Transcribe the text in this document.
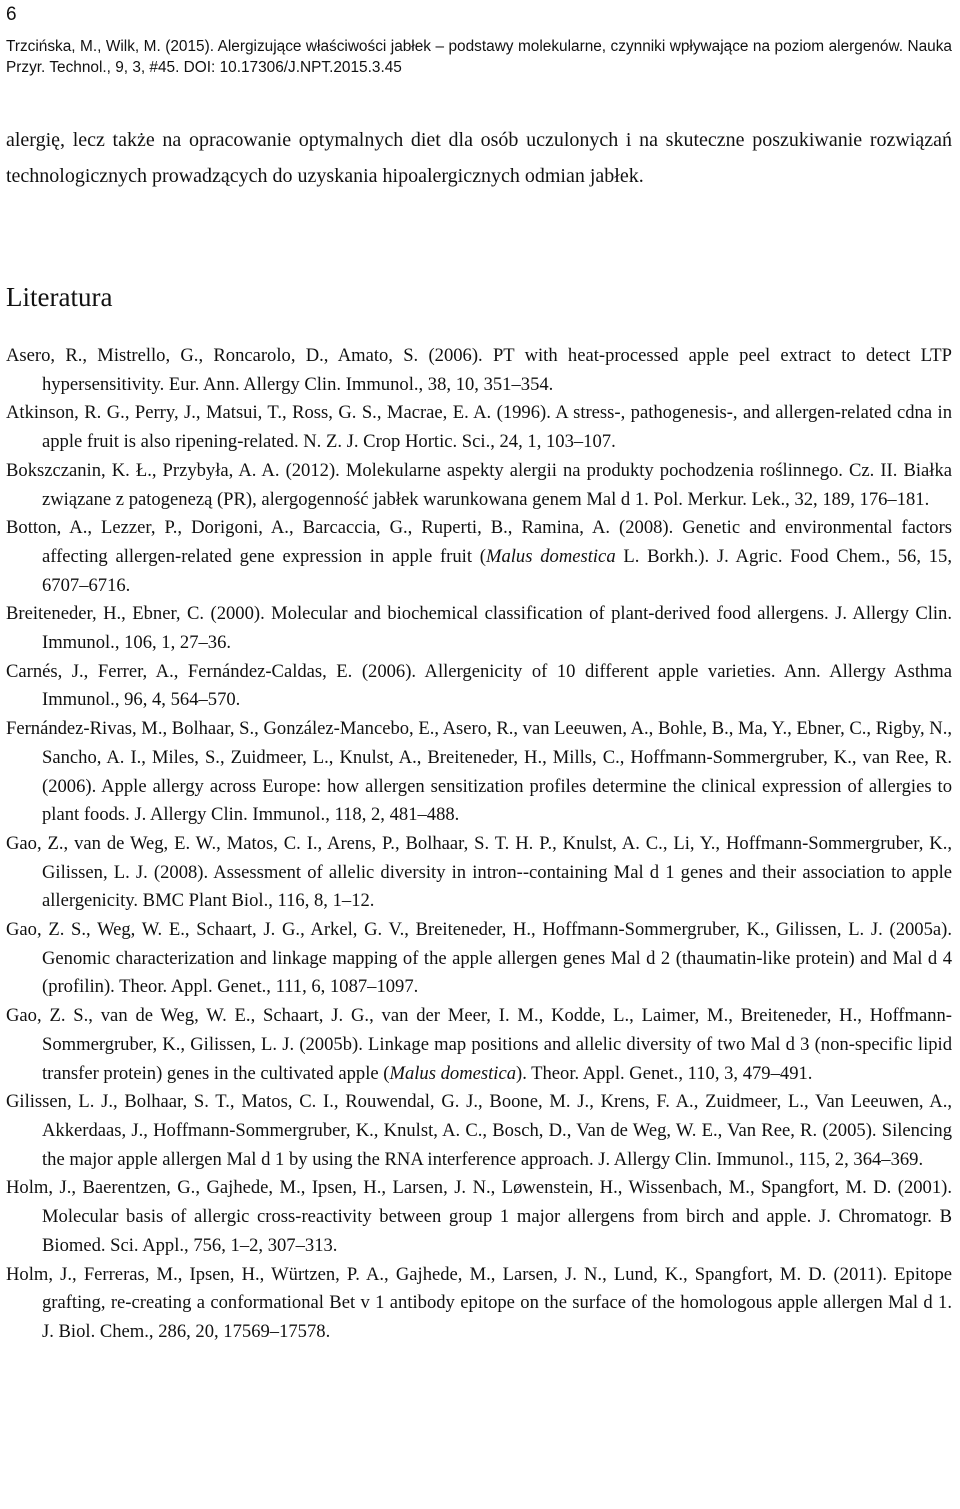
6
Trzcińska, M., Wilk, M. (2015). Alergizujące właściwości jabłek – podstawy molekularne, czynniki wpływające na poziom alergenów. Nauka Przyr. Technol., 9, 3, #45. DOI: 10.17306/J.NPT.2015.3.45

alergię, lecz także na opracowanie optymalnych diet dla osób uczulonych i na skuteczne poszukiwanie rozwiązań technologicznych prowadzących do uzyskania hipoalergicznych odmian jabłek.

Literatura

Asero, R., Mistrello, G., Roncarolo, D., Amato, S. (2006). PT with heat-processed apple peel extract to detect LTP hypersensitivity. Eur. Ann. Allergy Clin. Immunol., 38, 10, 351–354.

Atkinson, R. G., Perry, J., Matsui, T., Ross, G. S., Macrae, E. A. (1996). A stress-, pathogenesis-, and allergen-related cdna in apple fruit is also ripening-related. N. Z. J. Crop Hortic. Sci., 24, 1, 103–107.

Bokszczanin, K. Ł., Przybyła, A. A. (2012). Molekularne aspekty alergii na produkty pochodzenia roślinnego. Cz. II. Białka związane z patogenezą (PR), alergogenność jabłek warunkowana genem Mal d 1. Pol. Merkur. Lek., 32, 189, 176–181.

Botton, A., Lezzer, P., Dorigoni, A., Barcaccia, G., Ruperti, B., Ramina, A. (2008). Genetic and environmental factors affecting allergen-related gene expression in apple fruit (Malus domestica L. Borkh.). J. Agric. Food Chem., 56, 15, 6707–6716.

Breiteneder, H., Ebner, C. (2000). Molecular and biochemical classification of plant-derived food allergens. J. Allergy Clin. Immunol., 106, 1, 27–36.

Carnés, J., Ferrer, A., Fernández-Caldas, E. (2006). Allergenicity of 10 different apple varieties. Ann. Allergy Asthma Immunol., 96, 4, 564–570.

Fernández-Rivas, M., Bolhaar, S., González-Mancebo, E., Asero, R., van Leeuwen, A., Bohle, B., Ma, Y., Ebner, C., Rigby, N., Sancho, A. I., Miles, S., Zuidmeer, L., Knulst, A., Breiteneder, H., Mills, C., Hoffmann-Sommergruber, K., van Ree, R. (2006). Apple allergy across Europe: how allergen sensitization profiles determine the clinical expression of allergies to plant foods. J. Allergy Clin. Immunol., 118, 2, 481–488.

Gao, Z., van de Weg, E. W., Matos, C. I., Arens, P., Bolhaar, S. T. H. P., Knulst, A. C., Li, Y., Hoffmann-Sommergruber, K., Gilissen, L. J. (2008). Assessment of allelic diversity in intron--containing Mal d 1 genes and their association to apple allergenicity. BMC Plant Biol., 116, 8, 1–12.

Gao, Z. S., Weg, W. E., Schaart, J. G., Arkel, G. V., Breiteneder, H., Hoffmann-Sommergruber, K., Gilissen, L. J. (2005a). Genomic characterization and linkage mapping of the apple allergen genes Mal d 2 (thaumatin-like protein) and Mal d 4 (profilin). Theor. Appl. Genet., 111, 6, 1087–1097.

Gao, Z. S., van de Weg, W. E., Schaart, J. G., van der Meer, I. M., Kodde, L., Laimer, M., Breiteneder, H., Hoffmann-Sommergruber, K., Gilissen, L. J. (2005b). Linkage map positions and allelic diversity of two Mal d 3 (non-specific lipid transfer protein) genes in the cultivated apple (Malus domestica). Theor. Appl. Genet., 110, 3, 479–491.

Gilissen, L. J., Bolhaar, S. T., Matos, C. I., Rouwendal, G. J., Boone, M. J., Krens, F. A., Zuidmeer, L., Van Leeuwen, A., Akkerdaas, J., Hoffmann-Sommergruber, K., Knulst, A. C., Bosch, D., Van de Weg, W. E., Van Ree, R. (2005). Silencing the major apple allergen Mal d 1 by using the RNA interference approach. J. Allergy Clin. Immunol., 115, 2, 364–369.

Holm, J., Baerentzen, G., Gajhede, M., Ipsen, H., Larsen, J. N., Løwenstein, H., Wissenbach, M., Spangfort, M. D. (2001). Molecular basis of allergic cross-reactivity between group 1 major allergens from birch and apple. J. Chromatogr. B Biomed. Sci. Appl., 756, 1–2, 307–313.

Holm, J., Ferreras, M., Ipsen, H., Würtzen, P. A., Gajhede, M., Larsen, J. N., Lund, K., Spangfort, M. D. (2011). Epitope grafting, re-creating a conformational Bet v 1 antibody epitope on the surface of the homologous apple allergen Mal d 1. J. Biol. Chem., 286, 20, 17569–17578.
